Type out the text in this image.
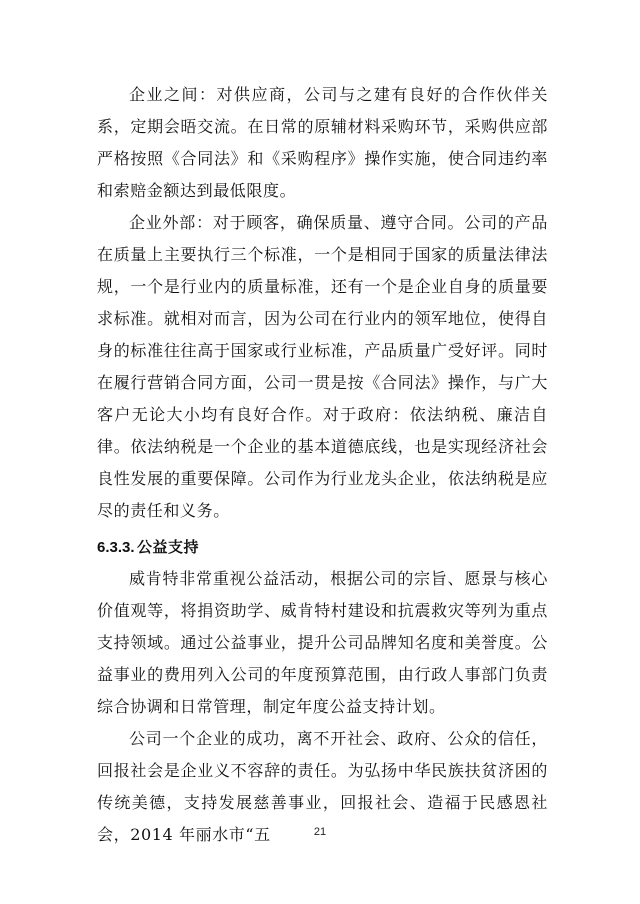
企业之间：对供应商，公司与之建有良好的合作伙伴关系，定期会晤交流。在日常的原辅材料采购环节，采购供应部严格按照《合同法》和《采购程序》操作实施，使合同违约率和索赔金额达到最低限度。

企业外部：对于顾客，确保质量、遵守合同。公司的产品在质量上主要执行三个标准，一个是相同于国家的质量法律法规，一个是行业内的质量标准，还有一个是企业自身的质量要求标准。就相对而言，因为公司在行业内的领军地位，使得自身的标准往往高于国家或行业标准，产品质量广受好评。同时在履行营销合同方面，公司一贯是按《合同法》操作，与广大客户无论大小均有良好合作。对于政府：依法纳税、廉洁自律。依法纳税是一个企业的基本道德底线，也是实现经济社会良性发展的重要保障。公司作为行业龙头企业，依法纳税是应尽的责任和义务。

6.3.3. 公益支持

威肯特非常重视公益活动，根据公司的宗旨、愿景与核心价值观等，将捐资助学、威肯特村建设和抗震救灾等列为重点支持领域。通过公益事业，提升公司品牌知名度和美誉度。公益事业的费用列入公司的年度预算范围，由行政人事部门负责综合协调和日常管理，制定年度公益支持计划。

公司一个企业的成功，离不开社会、政府、公众的信任，回报社会是企业义不容辞的责任。为弘扬中华民族扶贫济困的传统美德，支持发展慈善事业，回报社会、造福于民感恩社会，2014 年丽水市“五	21
